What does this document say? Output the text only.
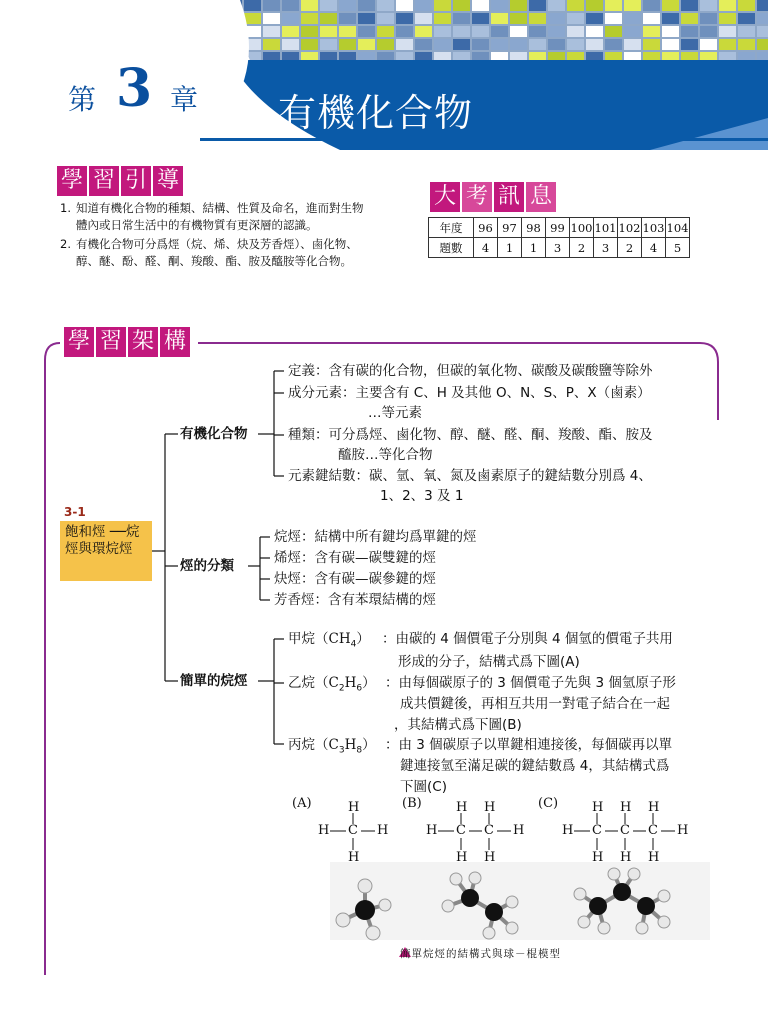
第 3 章 有機化合物
學 習 引 導
1. 知道有機化合物的種類、結構、性質及命名，進而對生物體內或日常生活中的有機物質有更深層的認識。
2. 有機化合物可分爲烴（烷、烯、炔及芳香烴）、鹵化物、醇、醚、酚、醛、酮、羧酸、酯、胺及醯胺等化合物。
大 考 訊 息
年度	96	97	98	99	100	101	102	103	104
題數	4	1	1	3	2	3	2	4	5
學 習 架 構
3-1
飽和烴 ──烷烴與環烷烴
有機化合物
烴的分類
簡單的烷烴
定義：含有碳的化合物，但碳的氧化物、碳酸及碳酸鹽等除外
成分元素：主要含有 C、H 及其他 O、N、S、P、X（鹵素）
…等元素
種類：可分爲烴、鹵化物、醇、醚、醛、酮、羧酸、酯、胺及
醯胺…等化合物
元素鍵結數：碳、氫、氧、氮及鹵素原子的鍵結數分別爲 4、
1、2、3 及 1
烷烴：結構中所有鍵均爲單鍵的烴
烯烴：含有碳—碳雙鍵的烴
炔烴：含有碳—碳參鍵的烴
芳香烴：含有苯環結構的烴
甲烷$(CH_4)$ ：由碳的 4 個價電子分別與 4 個氫的價電子共用
形成的分子，結構式爲下圖(A)
乙烷$(C_2H_6)$ ：由每個碳原子的 3 個價電子先與 3 個氫原子形
成共價鍵後，再相互共用一對電子結合在一起
，其結構式爲下圖(B)
丙烷$(C_3H_8)$ ：由 3 個碳原子以單鍵相連接後，每個碳再以單
鍵連接氫至滿足碳的鍵結數爲 4，其結構式爲
下圖(C)
(A)	(B)	(C)
H
H C H
H
H H
H C C H
H H
H H H
H C C C H
H H H
簡單烷烴的結構式與球－棍模型
